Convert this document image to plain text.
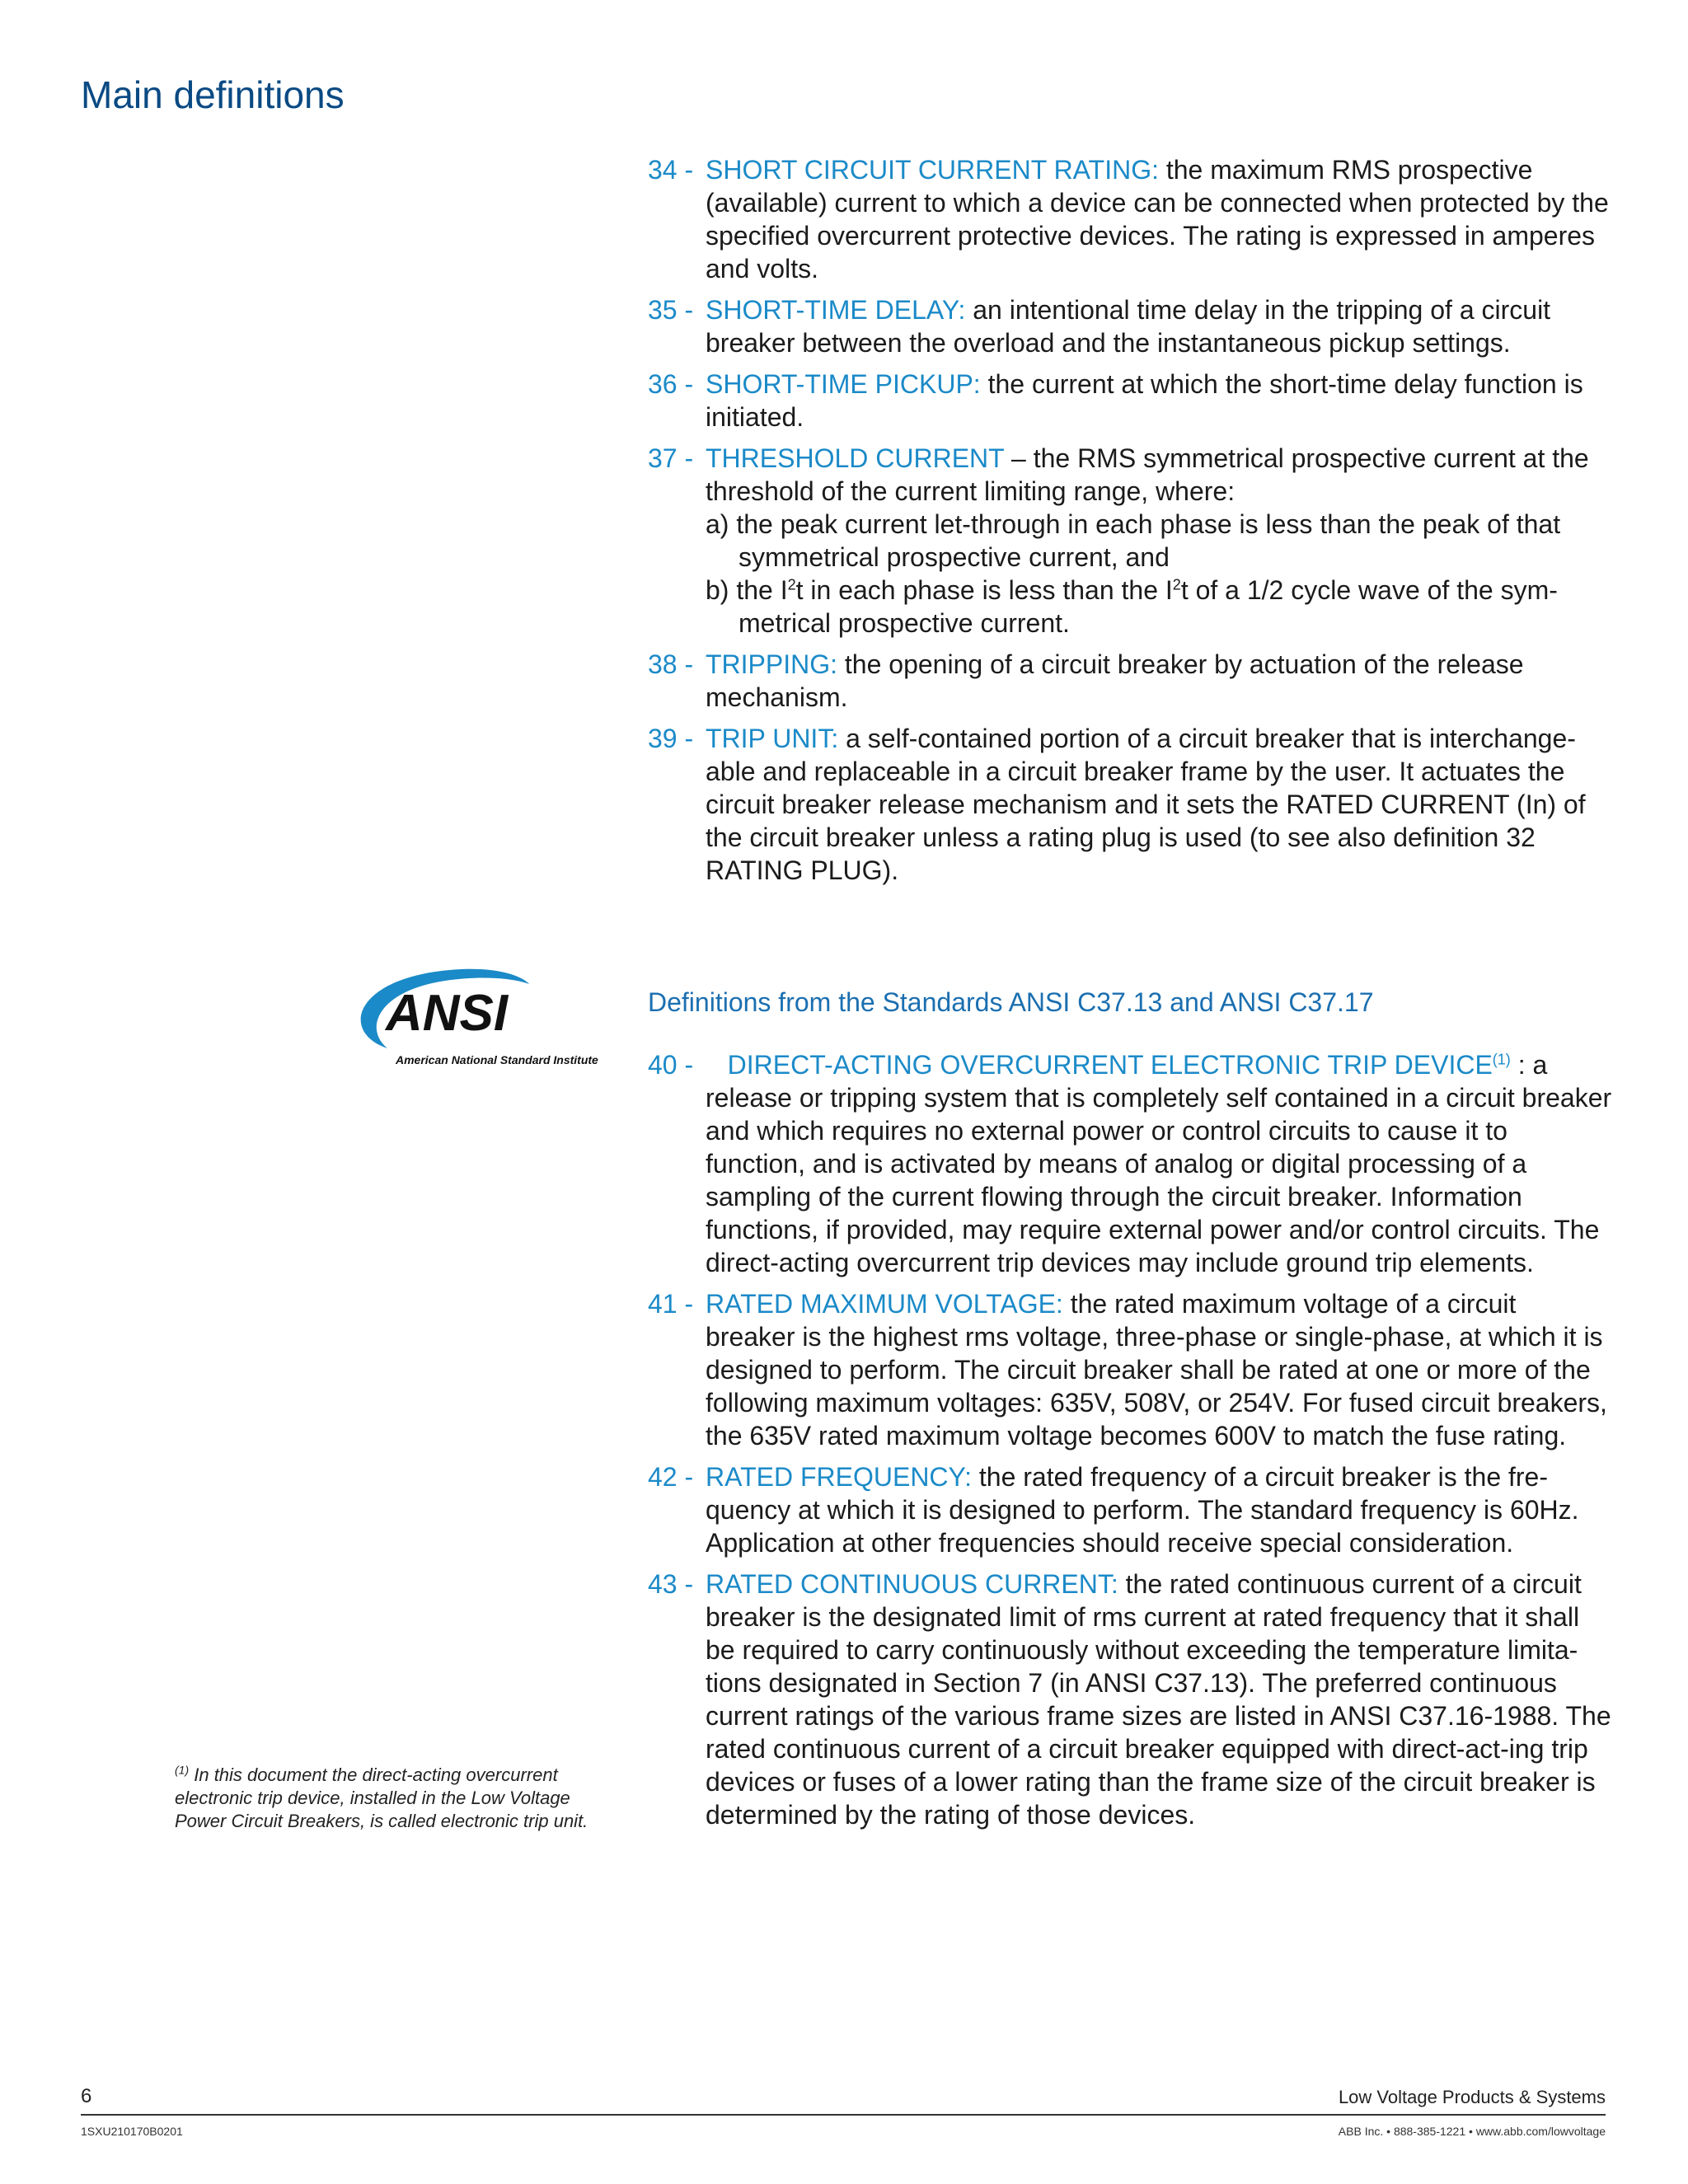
Main definitions
34 - SHORT CIRCUIT CURRENT RATING: the maximum RMS prospective (available) current to which a device can be connected when protected by the specified overcurrent protective devices. The rating is expressed in amperes and volts.
35 - SHORT-TIME DELAY: an intentional time delay in the tripping of a circuit breaker between the overload and the instantaneous pickup settings.
36 - SHORT-TIME PICKUP: the current at which the short-time delay function is initiated.
37 - THRESHOLD CURRENT – the RMS symmetrical prospective current at the threshold of the current limiting range, where:
a) the peak current let-through in each phase is less than the peak of that symmetrical prospective current, and
b) the $I^2t$ in each phase is less than the $I^2t$ of a 1/2 cycle wave of the sym-metrical prospective current.
38 - TRIPPING: the opening of a circuit breaker by actuation of the release mechanism.
39 - TRIP UNIT: a self-contained portion of a circuit breaker that is interchange-able and replaceable in a circuit breaker frame by the user. It actuates the circuit breaker release mechanism and it sets the RATED CURRENT (In) of the circuit breaker unless a rating plug is used (to see also definition 32 RATING PLUG).
ANSI
American National Standard Institute
Definitions from the Standards ANSI C37.13 and ANSI C37.17
40 - DIRECT-ACTING OVERCURRENT ELECTRONIC TRIP DEVICE$^{(1)}$ : a release or tripping system that is completely self contained in a circuit breaker and which requires no external power or control circuits to cause it to function, and is activated by means of analog or digital processing of a sampling of the current flowing through the circuit breaker. Information functions, if provided, may require external power and/or control circuits. The direct-acting overcurrent trip devices may include ground trip elements.
41 - RATED MAXIMUM VOLTAGE: the rated maximum voltage of a circuit breaker is the highest rms voltage, three-phase or single-phase, at which it is designed to perform. The circuit breaker shall be rated at one or more of the following maximum voltages: 635V, 508V, or 254V. For fused circuit breakers, the 635V rated maximum voltage becomes 600V to match the fuse rating.
42 - RATED FREQUENCY: the rated frequency of a circuit breaker is the fre-quency at which it is designed to perform. The standard frequency is 60Hz. Application at other frequencies should receive special consideration.
43 - RATED CONTINUOUS CURRENT: the rated continuous current of a circuit breaker is the designated limit of rms current at rated frequency that it shall be required to carry continuously without exceeding the temperature limita-tions designated in Section 7 (in ANSI C37.13). The preferred continuous current ratings of the various frame sizes are listed in ANSI C37.16-1988. The rated continuous current of a circuit breaker equipped with direct-act-ing trip devices or fuses of a lower rating than the frame size of the circuit breaker is determined by the rating of those devices.
$^{(1)}$ In this document the direct-acting overcurrent electronic trip device, installed in the Low Voltage Power Circuit Breakers, is called electronic trip unit.
6	Low Voltage Products & Systems
1SXU210170B0201	ABB Inc. • 888-385-1221 • www.abb.com/lowvoltage
